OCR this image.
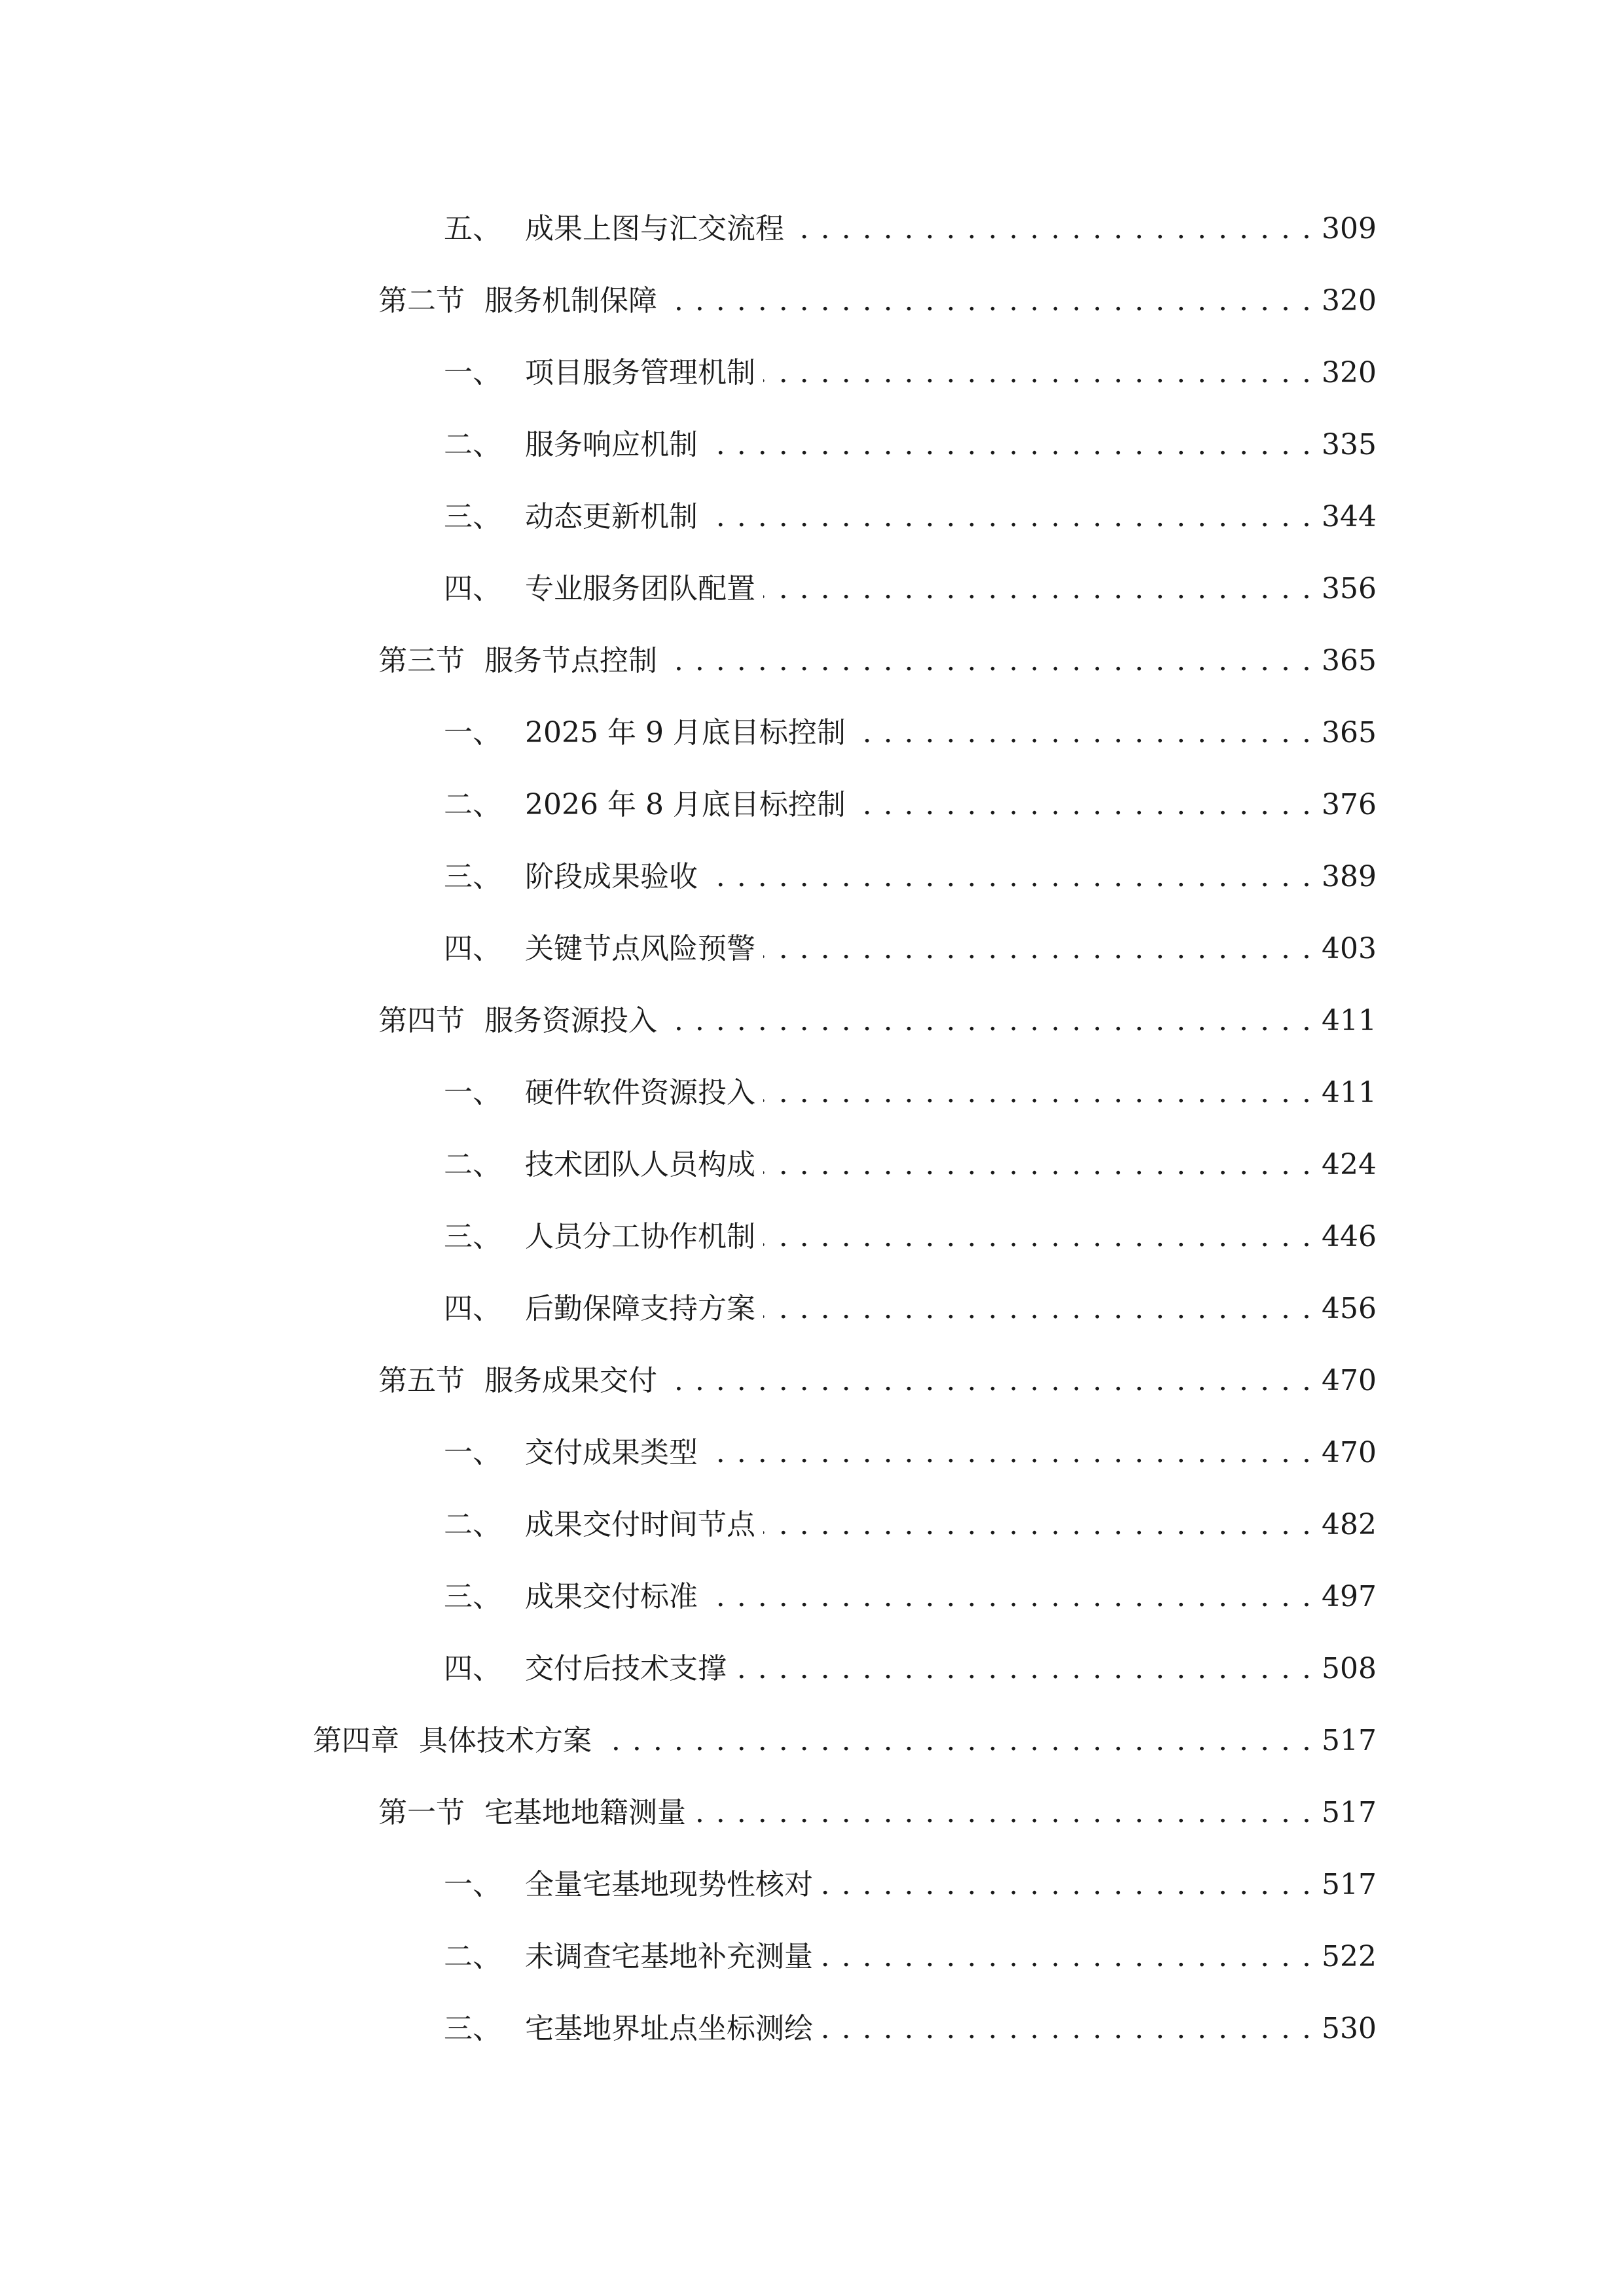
五、 成果上图与汇交流程 . . .	309
第二节 服务机制保障 . . .	320
一、 项目服务管理机制 . . .	320
二、 服务响应机制 . . .	335
三、 动态更新机制 . . .	344
四、 专业服务团队配置 . . .	356
第三节 服务节点控制 . . .	365
一、 2025 年 9 月底目标控制 . . .	365
二、 2026 年 8 月底目标控制 . . .	376
三、 阶段成果验收 . . .	389
四、 关键节点风险预警 . . .	403
第四节 服务资源投入 . . .	411
一、 硬件软件资源投入 . . .	411
二、 技术团队人员构成 . . .	424
三、 人员分工协作机制 . . .	446
四、 后勤保障支持方案 . . .	456
第五节 服务成果交付 . . .	470
一、 交付成果类型 . . .	470
二、 成果交付时间节点 . . .	482
三、 成果交付标准 . . .	497
四、 交付后技术支撑 . . .	508
第四章 具体技术方案 . . .	517
第一节 宅基地地籍测量 . . .	517
一、 全量宅基地现势性核对 . . .	517
二、 未调查宅基地补充测量 . . .	522
三、 宅基地界址点坐标测绘 . . .	530
